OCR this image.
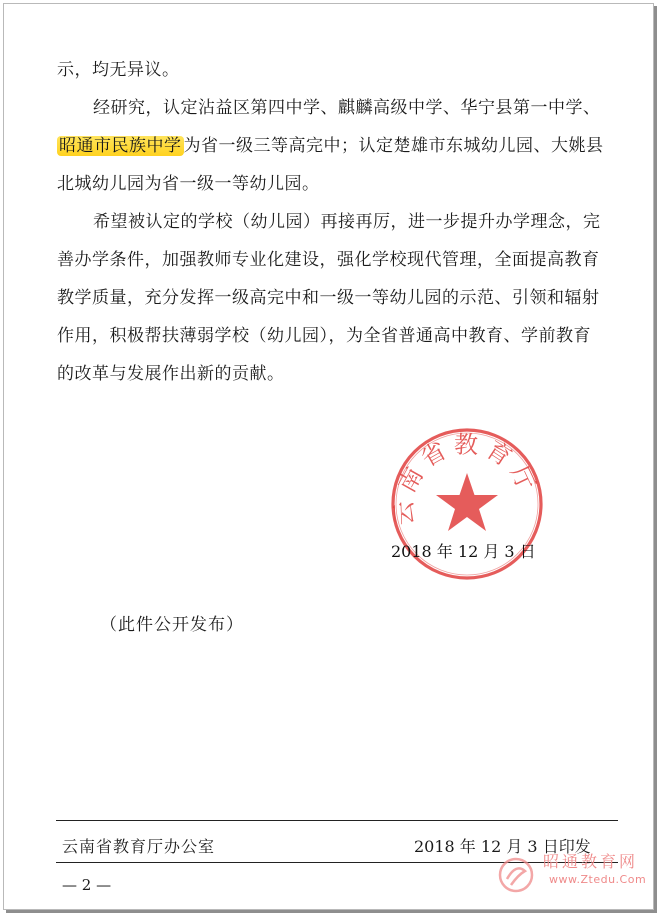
示，均无异议。

经研究，认定沾益区第四中学、麒麟高级中学、华宁县第一中学、昭通市民族中学 为省一级三等高完中；认定楚雄市东城幼儿园、大姚县北城幼儿园为省一级一等幼儿园。

希望被认定的学校（幼儿园）再接再厉，进一步提升办学理念，完善办学条件，加强教师专业化建设，强化学校现代管理，全面提高教育教学质量，充分发挥一级高完中和一级一等幼儿园的示范、引领和辐射作用，积极帮扶薄弱学校（幼儿园），为全省普通高中教育、学前教育的改革与发展作出新的贡献。

云南省教育厅
2018 年 12 月 3 日
（此件公开发布）
云南省教育厅办公室	2018 年 12 月 3 日印发
— 2 —
昭通教育网
www.Ztedu.Com
